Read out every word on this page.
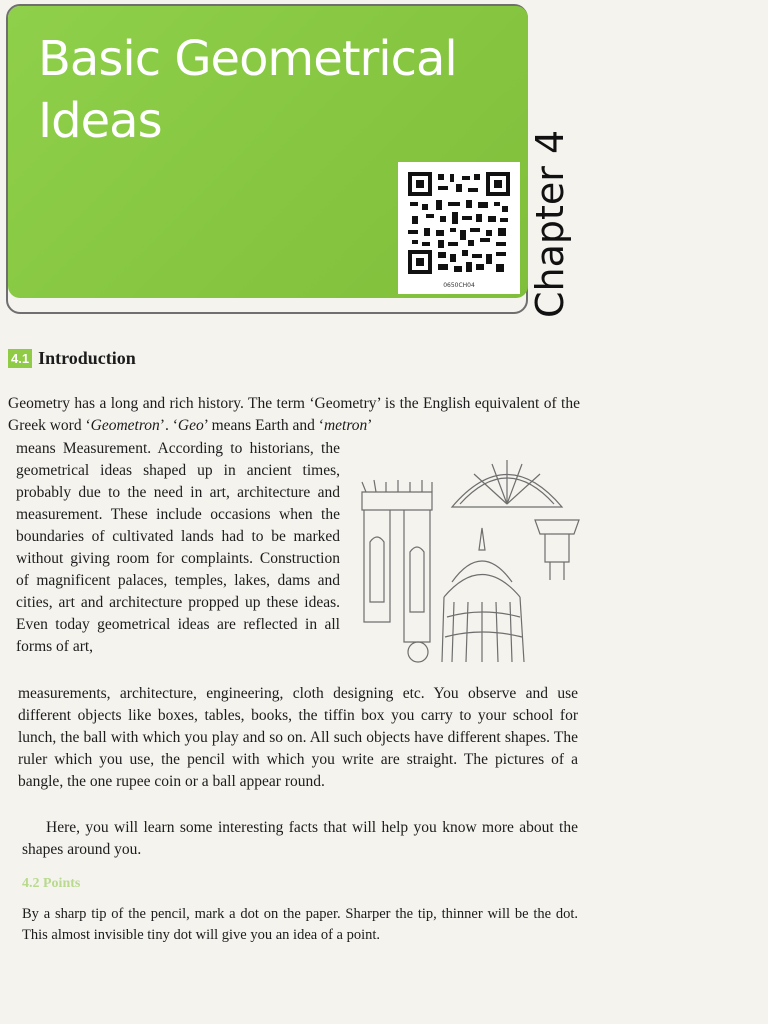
Basic Geometrical
Ideas
0650CH04	Chapter 4
4.1 Introduction

Geometry has a long and rich history. The term ‘Geometry’ is the English equivalent of the Greek word ‘Geometron’. ‘Geo’ means Earth and ‘metron’

means Measurement. According to historians, the geometrical ideas shaped up in ancient times, probably due to the need in art, architecture and measurement. These include occasions when the boundaries of cultivated lands had to be marked without giving room for complaints. Construction of magnificent palaces, temples, lakes, dams and cities, art and architecture propped up these ideas. Even today geometrical ideas are reflected in all forms of art,

measurements, architecture, engineering, cloth designing etc. You observe and use different objects like boxes, tables, books, the tiffin box you carry to your school for lunch, the ball with which you play and so on. All such objects have different shapes. The ruler which you use, the pencil with which you write are straight. The pictures of a bangle, the one rupee coin or a ball appear round.

Here, you will learn some interesting facts that will help you know more about the shapes around you.

4.2 Points

By a sharp tip of the pencil, mark a dot on the paper. Sharper the tip, thinner will be the dot. This almost invisible tiny dot will give you an idea of a point.
